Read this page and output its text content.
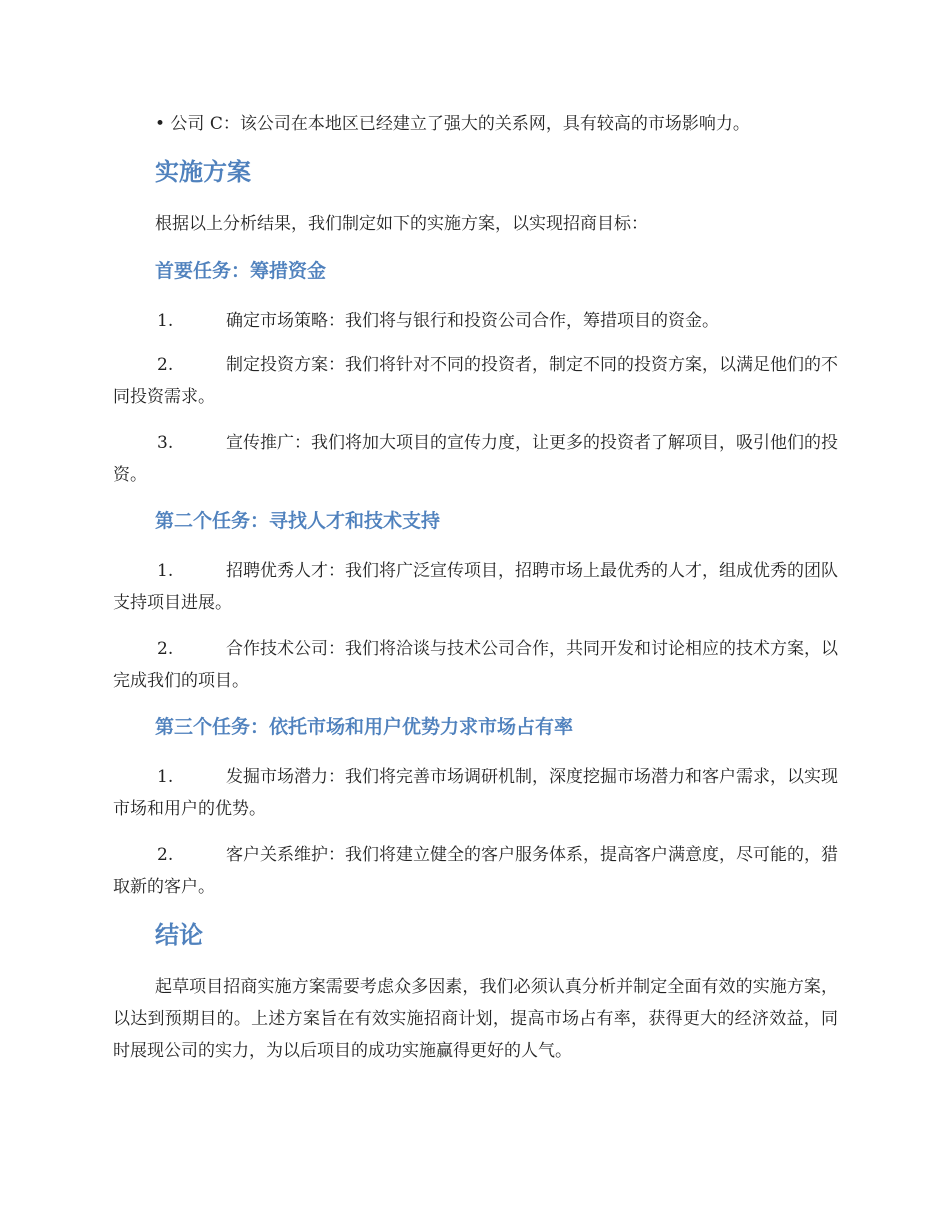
• 公司 C：该公司在本地区已经建立了强大的关系网，具有较高的市场影响力。

实施方案

根据以上分析结果，我们制定如下的实施方案，以实现招商目标：

首要任务：筹措资金

1.	确定市场策略：我们将与银行和投资公司合作，筹措项目的资金。

2.	制定投资方案：我们将针对不同的投资者，制定不同的投资方案，以满足他们的不同投资需求。

3.	宣传推广：我们将加大项目的宣传力度，让更多的投资者了解项目，吸引他们的投资。

第二个任务：寻找人才和技术支持

1.	招聘优秀人才：我们将广泛宣传项目，招聘市场上最优秀的人才，组成优秀的团队支持项目进展。

2.	合作技术公司：我们将洽谈与技术公司合作，共同开发和讨论相应的技术方案，以完成我们的项目。

第三个任务：依托市场和用户优势力求市场占有率

1.	发掘市场潜力：我们将完善市场调研机制，深度挖掘市场潜力和客户需求，以实现市场和用户的优势。

2.	客户关系维护：我们将建立健全的客户服务体系，提高客户满意度，尽可能的，猎取新的客户。

结论

起草项目招商实施方案需要考虑众多因素，我们必须认真分析并制定全面有效的实施方案，以达到预期目的。上述方案旨在有效实施招商计划，提高市场占有率，获得更大的经济效益，同时展现公司的实力，为以后项目的成功实施赢得更好的人气。
